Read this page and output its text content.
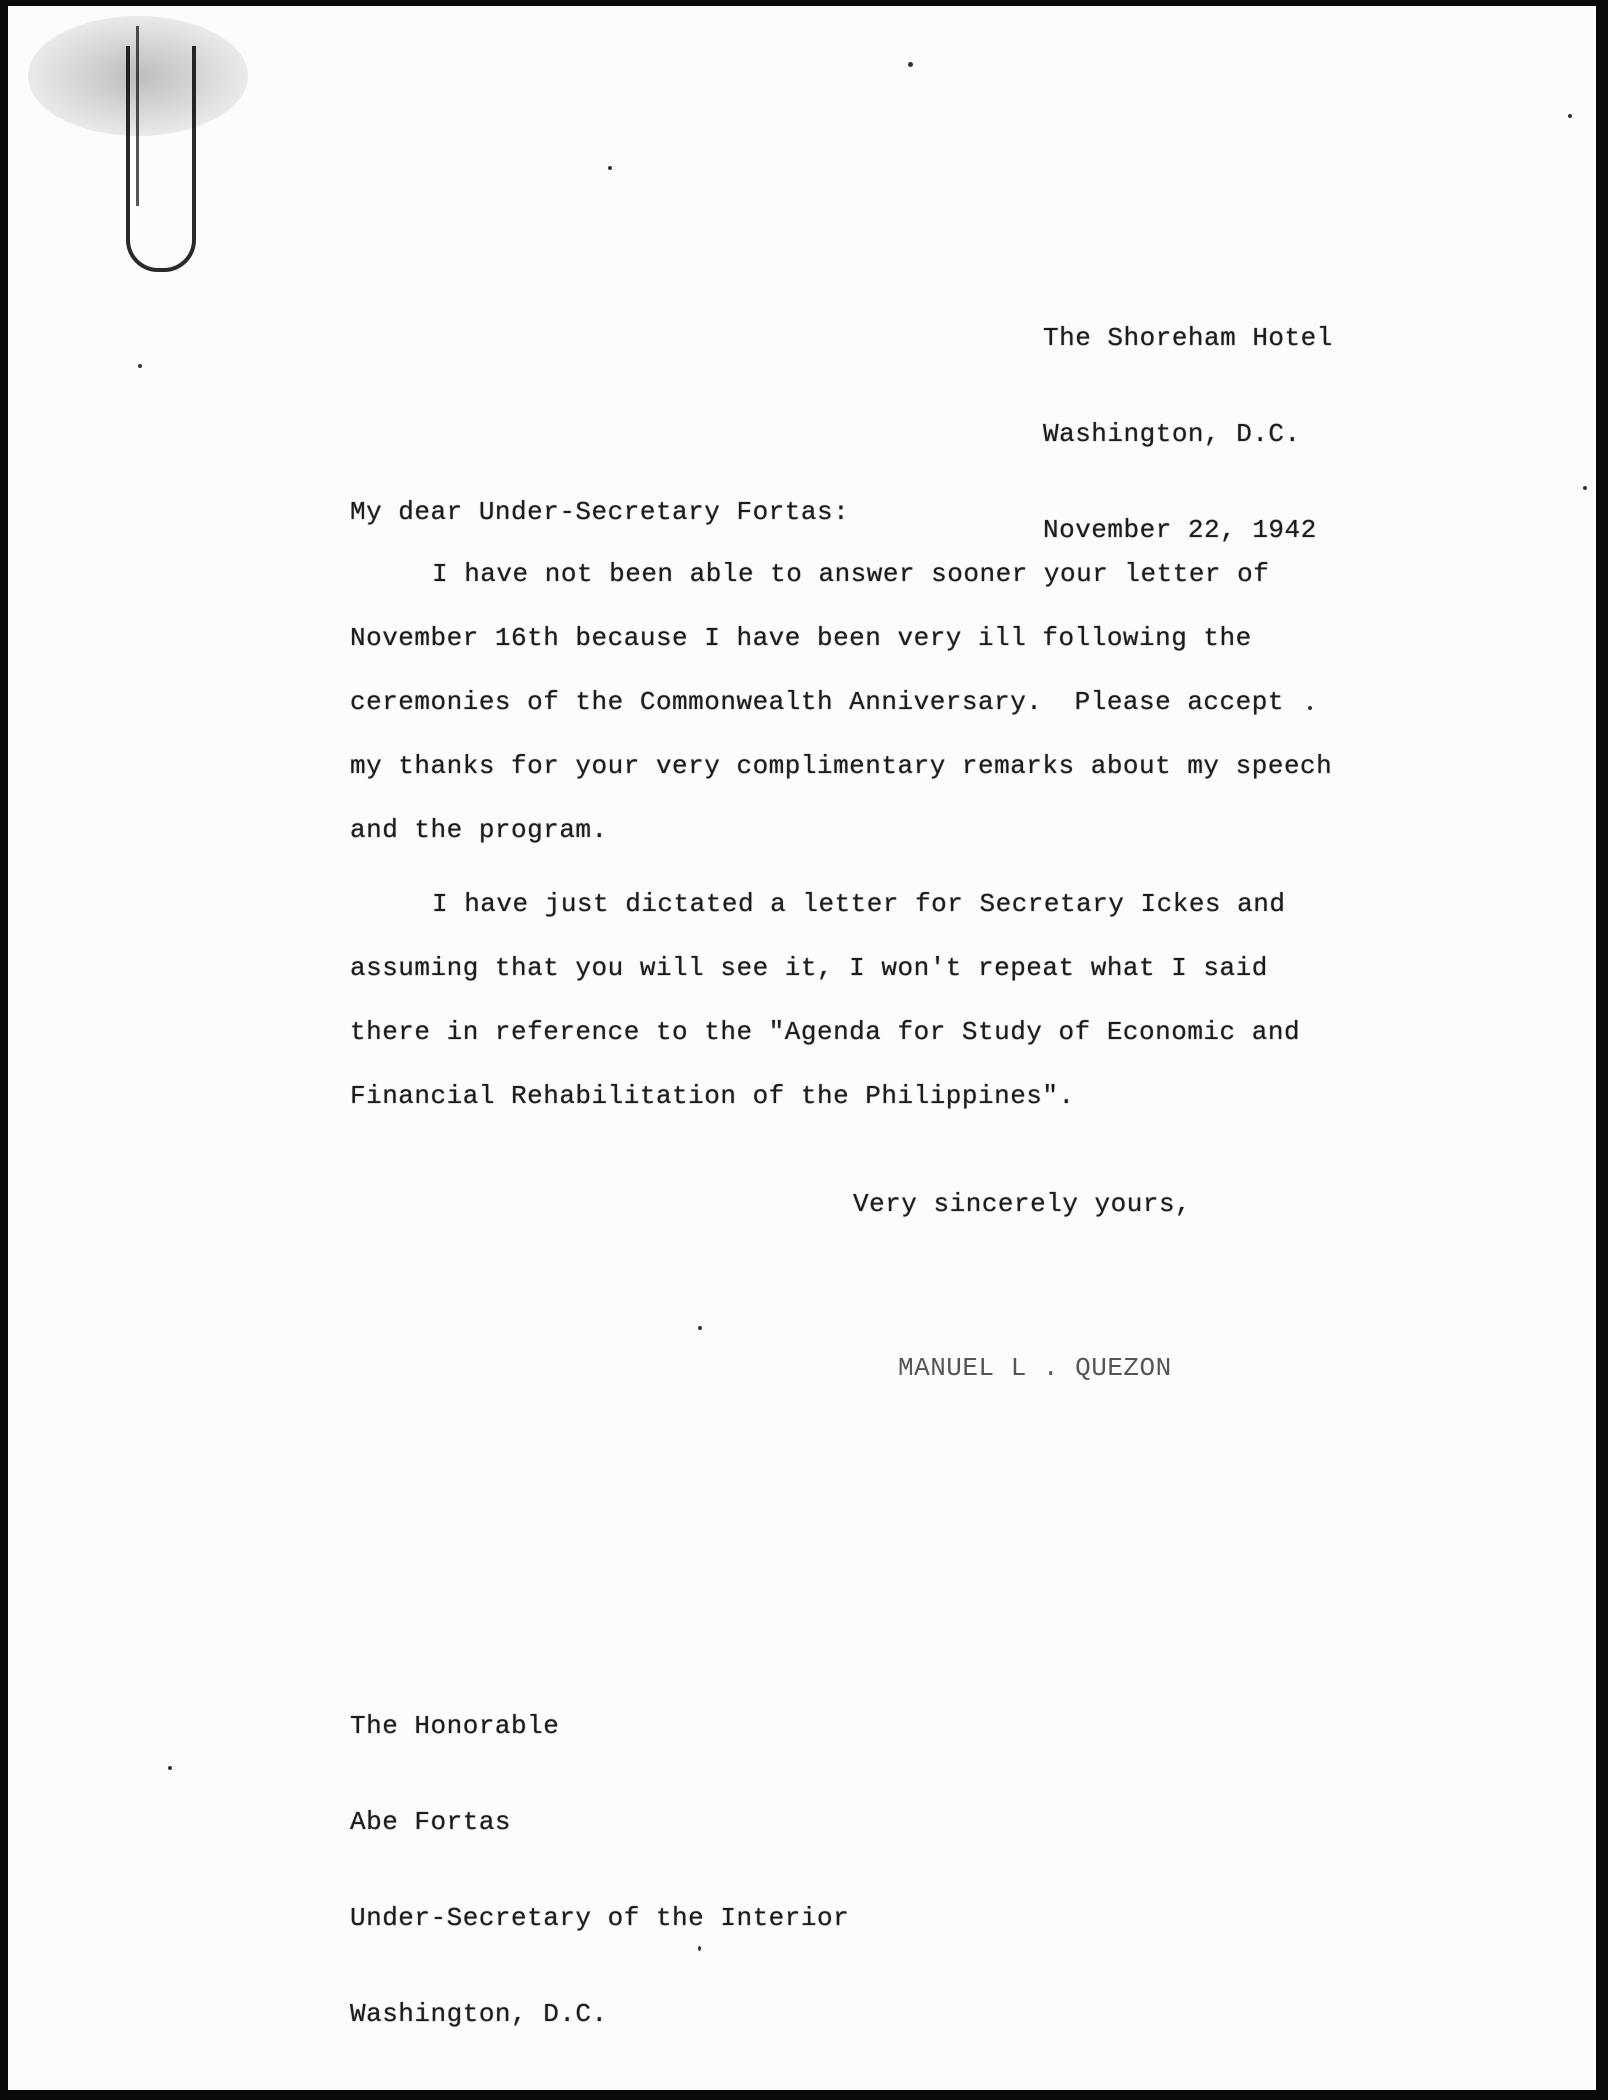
The Shoreham Hotel

Washington, D.C.

November 22, 1942

My dear Under-Secretary Fortas:
I have not been able to answer sooner your letter of
November 16th because I have been very ill following the
ceremonies of the Commonwealth Anniversary.  Please accept
my thanks for your very complimentary remarks about my speech
and the program.
I have just dictated a letter for Secretary Ickes and
assuming that you will see it, I won't repeat what I said
there in reference to the "Agenda for Study of Economic and
Financial Rehabilitation of the Philippines".
Very sincerely yours,
MANUEL L . QUEZON

The Honorable

Abe Fortas

Under-Secretary of the Interior

Washington, D.C.
